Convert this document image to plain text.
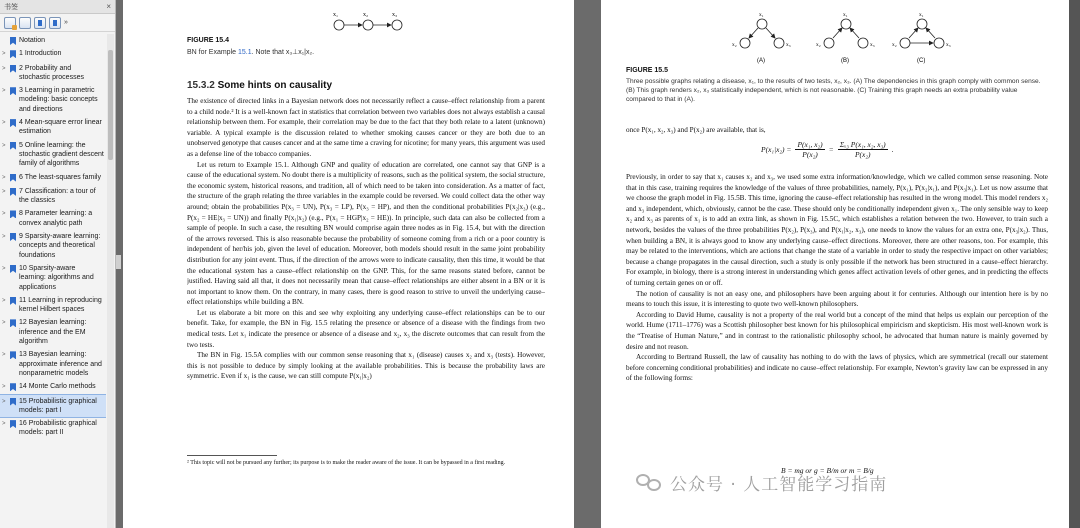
书签	×
»
Notation
>	1 Introduction
>	2 Probability and stochastic processes
>	3 Learning in parametric modeling: basic concepts and directions
>	4 Mean-square error linear estimation
>	5 Online learning: the stochastic gradient descent family of algorithms
>	6 The least-squares family
>	7 Classification: a tour of the classics
>	8 Parameter learning: a convex analytic path
>	9 Sparsity-aware learning: concepts and theoretical foundations
>	10 Sparsity-aware learning: algorithms and applications
>	11 Learning in reproducing kernel Hilbert spaces
>	12 Bayesian learning: inference and the EM algorithm
>	13 Bayesian learning: approximate inference and nonparametric models
>	14 Monte Carlo methods
>	15 Probabilistic graphical models: part I
>	16 Probabilistic graphical models: part II
x₁	x₂	x₃
FIGURE 15.4
BN for Example 15.1. Note that x₃⊥x₁|x₂.
15.3.2 Some hints on causality

The existence of directed links in a Bayesian network does not necessarily reflect a cause–effect relationship from a parent to a child node.² It is a well-known fact in statistics that correlation between two variables does not always establish a causal relationship between them. For example, their correlation may be due to the fact that they both relate to a latent (unknown) variable. A typical example is the discussion related to whether smoking causes cancer or they are both due to an unobserved genotype that causes cancer and at the same time a craving for nicotine; for many years, this argument was used as a defense line of the tobacco companies.

Let us return to Example 15.1. Although GNP and quality of education are correlated, one cannot say that GNP is a cause of the educational system. No doubt there is a multiplicity of reasons, such as the political system, the social structure, the economic system, historical reasons, and tradition, all of which need to be taken into consideration. As a matter of fact, the structure of the graph relating the three variables in the example could be reversed. We could collect data the other way around; obtain the probabilities P(x₃ = UN), P(x₃ = LP), P(x₃ = HP), and then the conditional probabilities P(x₂|x₃) (e.g., P(x₂ = HE|x₃ = UN)) and finally P(x₁|x₂) (e.g., P(x₁ = HGP|x₂ = HE)). In principle, such data can also be collected from a sample of people. In such a case, the resulting BN would comprise again three nodes as in Fig. 15.4, but with the direction of the arrows reversed. This is also reasonable because the probability of someone coming from a rich or a poor country is independent of her/his job, given the level of education. Moreover, both models should result in the same joint probability distribution for any joint event. Thus, if the direction of the arrows were to indicate causality, then this time, it would be that the educational system has a cause–effect relationship on the GNP. This, for the same reasons stated before, cannot be justified. Having said all that, it does not necessarily mean that cause–effect relationships are either absent in a BN or it is not important to know them. On the contrary, in many cases, there is good reason to strive to unveil the underlying cause–effect relationships while building a BN.

Let us elaborate a bit more on this and see why exploiting any underlying cause–effect relationships can be to our benefit. Take, for example, the BN in Fig. 15.5 relating the presence or absence of a disease with the findings from two medical tests. Let x₁ indicate the presence or absence of a disease and x₂, x₃ the discrete outcomes that can result from the two tests.

The BN in Fig. 15.5A complies with our common sense reasoning that x₁ (disease) causes x₂ and x₃ (tests). However, this is not possible to deduce by simply looking at the available probabilities. This is because the probability laws are symmetric. Even if x₁ is the cause, we can still compute P(x₁|x₂)

² This topic will not be pursued any further; its purpose is to make the reader aware of the issue. It can be bypassed in a first reading.
x₁
x₂	x₃
(A)
x₁
x₂	x₃
(B)
x₁
x₂	x₃
(C)
FIGURE 15.5
Three possible graphs relating a disease, x₁, to the results of two tests, x₂, x₃. (A) The dependencies in this graph comply with common sense. (B) This graph renders x₂, x₃ statistically independent, which is not reasonable. (C) Training this graph needs an extra probability value compared to that in (A).
once P(x₁, x₂, x₃) and P(x₂) are available, that is,
$P(x_1|x_2) = \frac{\text{P(x₁, x₂)}}{\text{P(x₂)}} = \frac{\text{Σₓ₃ P(x₁, x₂, x₃)}}{\text{P(x₂)}}$ .

Previously, in order to say that x₁ causes x₂ and x₃, we used some extra information/knowledge, which we called common sense reasoning. Note that in this case, training requires the knowledge of the values of three probabilities, namely, P(x₁), P(x₂|x₁), and P(x₃|x₁). Let us now assume that we choose the graph model in Fig. 15.5B. This time, ignoring the cause–effect relationship has resulted in the wrong model. This model renders x₂ and x₃ independent, which, obviously, cannot be the case. These should only be conditionally independent given x₁. The only sensible way to keep x₂ and x₃ as parents of x₁ is to add an extra link, as shown in Fig. 15.5C, which establishes a relation between the two. However, to train such a network, besides the values of the three probabilities P(x₂), P(x₃), and P(x₁|x₂, x₃), one needs to know the values for an extra one, P(x₃|x₂). Thus, when building a BN, it is always good to know any underlying cause–effect directions. Moreover, there are other reasons, too. For example, this may be related to the interventions, which are actions that change the state of a variable in order to study the respective impact on other variables; because a change propagates in the causal direction, such a study is only possible if the network has been structured in a cause–effect hierarchy. For example, in biology, there is a strong interest in understanding which genes affect activation levels of other genes, and in predicting the effects of turning certain genes on or off.

The notion of causality is not an easy one, and philosophers have been arguing about it for centuries. Although our intention here is by no means to touch this issue, it is interesting to quote two well-known philosophers.

According to David Hume, causality is not a property of the real world but a concept of the mind that helps us explain our perception of the world. Hume (1711–1776) was a Scottish philosopher best known for his philosophical empiricism and skepticism. His most well-known work is the “Treatise of Human Nature,” and in contrast to the rationalistic philosophy school, he advocated that human nature is mainly governed by desire and not reason.

According to Bertrand Russell, the law of causality has nothing to do with the laws of physics, which are symmetrical (recall our statement before concerning conditional probabilities) and indicate no cause–effect relationship. For example, Newton’s gravity law can be expressed in any of the following forms:

B = mg or g = B/m or m = B/g
公众号 · 人工智能学习指南
